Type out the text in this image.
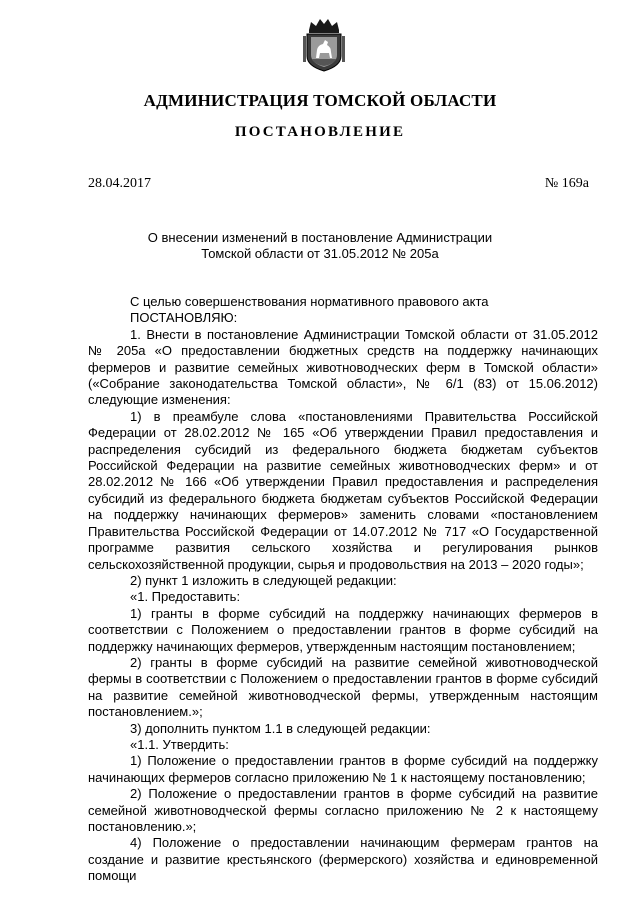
АДМИНИСТРАЦИЯ ТОМСКОЙ ОБЛАСТИ
ПОСТАНОВЛЕНИЕ
28.04.2017	№ 169а
О внесении изменений в постановление Администрации
Томской области от 31.05.2012 № 205а

С целью совершенствования нормативного правового акта

ПОСТАНОВЛЯЮ:

1. Внести в постановление Администрации Томской области от 31.05.2012 № 205а «О предоставлении бюджетных средств на поддержку начинающих фермеров и развитие семейных животноводческих ферм в Томской области» («Собрание законодательства Томской области», № 6/1 (83) от 15.06.2012) следующие изменения:

1) в преамбуле слова «постановлениями Правительства Российской Федерации от 28.02.2012 № 165 «Об утверждении Правил предоставления и распределения субсидий из федерального бюджета бюджетам субъектов Российской Федерации на развитие семейных животноводческих ферм» и от 28.02.2012 № 166 «Об утверждении Правил предоставления и распределения субсидий из федерального бюджета бюджетам субъектов Российской Федерации на поддержку начинающих фермеров» заменить словами «постановлением Правительства Российской Федерации от 14.07.2012 № 717 «О Государственной программе развития сельского хозяйства и регулирования рынков сельскохозяйственной продукции, сырья и продовольствия на 2013 – 2020 годы»;

2) пункт 1 изложить в следующей редакции:

«1. Предоставить:

1) гранты в форме субсидий на поддержку начинающих фермеров в соответствии с Положением о предоставлении грантов в форме субсидий на поддержку начинающих фермеров, утвержденным настоящим постановлением;

2) гранты в форме субсидий на развитие семейной животноводческой фермы в соответствии с Положением о предоставлении грантов в форме субсидий на развитие семейной животноводческой фермы, утвержденным настоящим постановлением.»;

3) дополнить пунктом 1.1 в следующей редакции:

«1.1. Утвердить:

1) Положение о предоставлении грантов в форме субсидий на поддержку начинающих фермеров согласно приложению № 1 к настоящему постановлению;

2) Положение о предоставлении грантов в форме субсидий на развитие семейной животноводческой фермы согласно приложению № 2 к настоящему постановлению.»;

4) Положение о предоставлении начинающим фермерам грантов на создание и развитие крестьянского (фермерского) хозяйства и единовременной помощи
